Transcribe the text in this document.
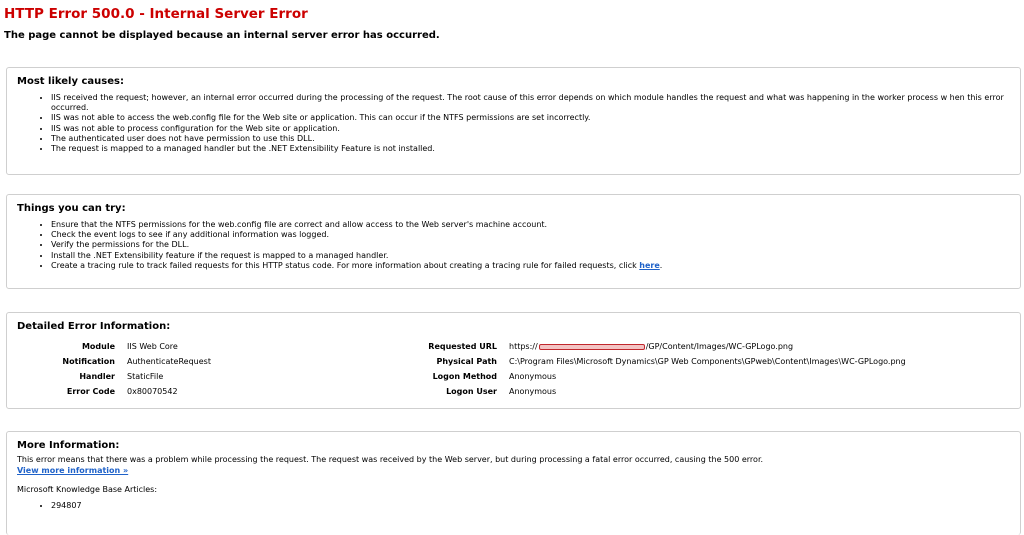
HTTP Error 500.0 - Internal Server Error
The page cannot be displayed because an internal server error has occurred.
Most likely causes:
• IIS received the request; however, an internal error occurred during the processing of the request. The root cause of this error depends on which module handles the request and what was happening in the worker process w hen this error occurred.
• IIS was not able to access the web.config file for the Web site or application. This can occur if the NTFS permissions are set incorrectly.
• IIS was not able to process configuration for the Web site or application.
• The authenticated user does not have permission to use this DLL.
• The request is mapped to a managed handler but the .NET Extensibility Feature is not installed.
Things you can try:
• Ensure that the NTFS permissions for the web.config file are correct and allow access to the Web server's machine account.
• Check the event logs to see if any additional information was logged.
• Verify the permissions for the DLL.
• Install the .NET Extensibility feature if the request is mapped to a managed handler.
• Create a tracing rule to track failed requests for this HTTP status code. For more information about creating a tracing rule for failed requests, click here.
Detailed Error Information:
Module IIS Web Core
Notification AuthenticateRequest
Handler StaticFile
Error Code 0x80070542
Requested URL https://	/GP/Content/Images/WC-GPLogo.png
Physical Path C:\Program Files\Microsoft Dynamics\GP Web Components\GPweb\Content\Images\WC-GPLogo.png
Logon Method Anonymous
Logon User Anonymous
More Information:
This error means that there was a problem while processing the request. The request was received by the Web server, but during processing a fatal error occurred, causing the 500 error.
View more information »
Microsoft Knowledge Base Articles:
• 294807
